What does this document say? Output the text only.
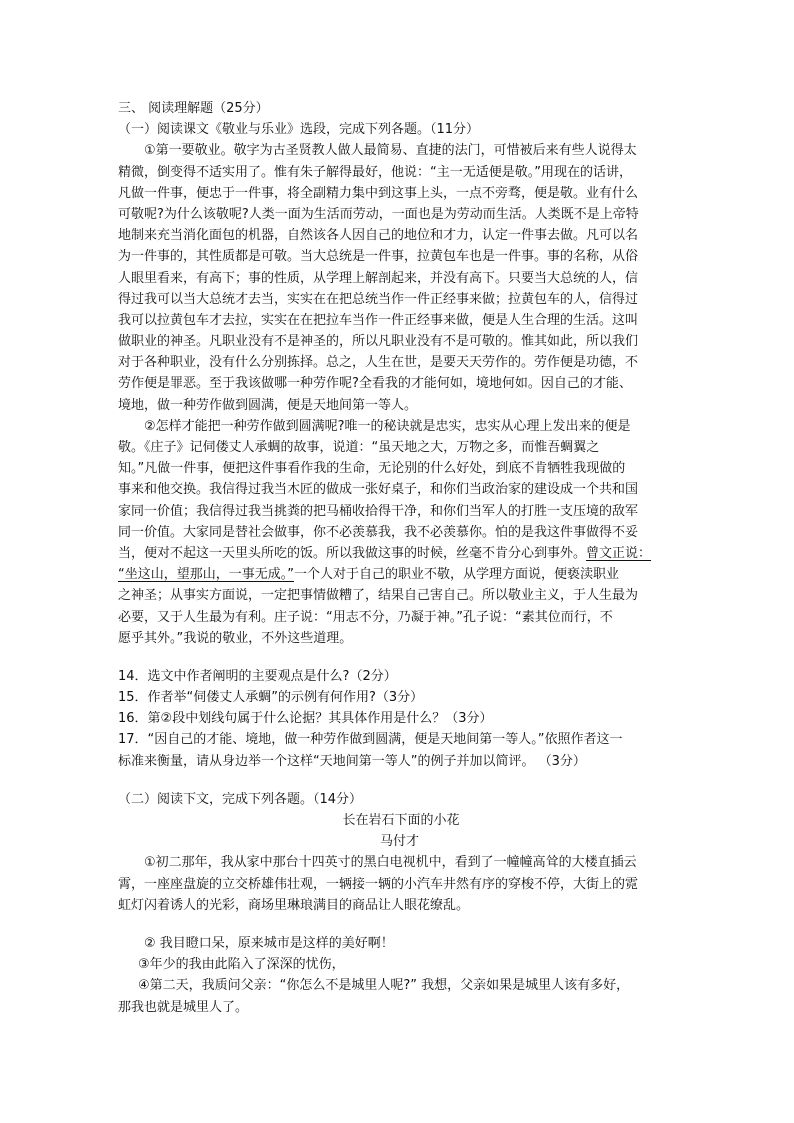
三、 阅读理解题（25分）
（一）阅读课文《敬业与乐业》选段，完成下列各题。（11分）
①第一要敬业。敬字为古圣贤教人做人最简易、直捷的法门，可惜被后来有些人说得太
精微，倒变得不适实用了。惟有朱子解得最好，他说：“主一无适便是敬。”用现在的话讲，
凡做一件事，便忠于一件事，将全副精力集中到这事上头，一点不旁骛，便是敬。业有什么
可敬呢?为什么该敬呢?人类一面为生活而劳动，一面也是为劳动而生活。人类既不是上帝特
地制来充当消化面包的机器，自然该各人因自己的地位和才力，认定一件事去做。凡可以名
为一件事的，其性质都是可敬。当大总统是一件事，拉黄包车也是一件事。事的名称，从俗
人眼里看来，有高下；事的性质，从学理上解剖起来，并没有高下。只要当大总统的人，信
得过我可以当大总统才去当，实实在在把总统当作一件正经事来做；拉黄包车的人，信得过
我可以拉黄包车才去拉，实实在在把拉车当作一件正经事来做，便是人生合理的生活。这叫
做职业的神圣。凡职业没有不是神圣的，所以凡职业没有不是可敬的。惟其如此，所以我们
对于各种职业，没有什么分别拣择。总之，人生在世，是要天天劳作的。劳作便是功德，不
劳作便是罪恶。至于我该做哪一种劳作呢?全看我的才能何如，境地何如。因自己的才能、
境地，做一种劳作做到圆满，便是天地间第一等人。
②怎样才能把一种劳作做到圆满呢?唯一的秘诀就是忠实，忠实从心理上发出来的便是
敬。《庄子》记伺偻丈人承蜩的故事，说道：“虽天地之大，万物之多，而惟吾蜩翼之
知。”凡做一件事，便把这件事看作我的生命，无论别的什么好处，到底不肯牺牲我现做的
事来和他交换。我信得过我当木匠的做成一张好桌子，和你们当政治家的建设成一个共和国
家同一价值；我信得过我当挑粪的把马桶收拾得干净，和你们当军人的打胜一支压境的敌军
同一价值。大家同是替社会做事，你不必羡慕我，我不必羡慕你。怕的是我这件事做得不妥
当，便对不起这一天里头所吃的饭。所以我做这事的时候，丝毫不肯分心到事外。曾文正说：
“坐这山，望那山，一事无成。”一个人对于自己的职业不敬，从学理方面说，便亵渎职业
之神圣；从事实方面说，一定把事情做糟了，结果自己害自己。所以敬业主义，于人生最为
必要，又于人生最为有利。庄子说：“用志不分，乃凝于神。”孔子说：“素其位而行，不
愿乎其外。”我说的敬业，不外这些道理。
14．选文中作者阐明的主要观点是什么?（2分）
15．作者举“伺偻丈人承蜩”的示例有何作用?（3分）
16．第②段中划线句属于什么论据？其具体作用是什么？（3分）
17．“因自己的才能、境地，做一种劳作做到圆满，便是天地间第一等人。”依照作者这一
标准来衡量，请从身边举一个这样“天地间第一等人”的例子并加以简评。 （3分）
（二）阅读下文，完成下列各题。（14分）
长在岩石下面的小花
马付才
①初二那年，我从家中那台十四英寸的黑白电视机中，看到了一幢幢高耸的大楼直插云
霄，一座座盘旋的立交桥雄伟壮观，一辆接一辆的小汽车井然有序的穿梭不停，大街上的霓
虹灯闪着诱人的光彩，商场里琳琅满目的商品让人眼花缭乱。
② 我目瞪口呆，原来城市是这样的美好啊！
③年少的我由此陷入了深深的忧伤，
④第二天，我质问父亲：“你怎么不是城里人呢?” 我想，父亲如果是城里人该有多好，
那我也就是城里人了。
